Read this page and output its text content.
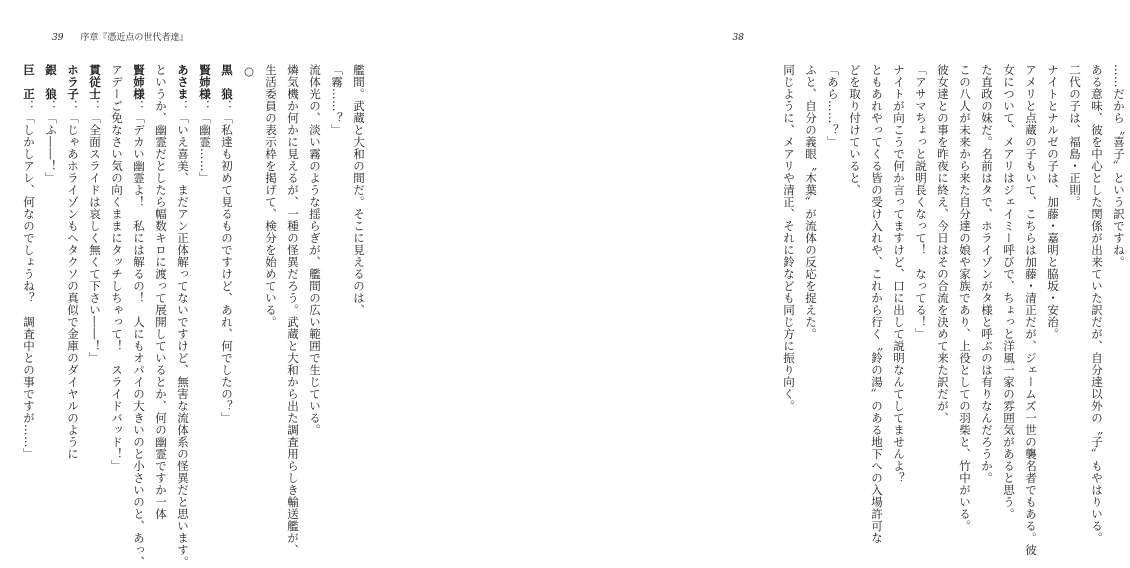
39 序章『憑近点の世代者達』
艦間。武蔵と大和の間だ。そこに見えるのは、
「霧……？」
流体光の、淡い霧のような揺らぎが、艦間の広い範囲で生じている。
燐気機か何かに見えるが、一種の怪異だろう。武蔵と大和から出た調査用らしき輸送艦が、
生活委員の表示枠を掲げて、検分を始めている。
○
黒　狼：「私達も初めて見るものですけど、あれ、何でしたの？」
賢姉様：「幽霊……」
あさま：「いえ喜美、まだアン正体解ってないですけど、無害な流体系の怪異だと思います。
というか、幽霊だとしたら幅数キロに渡って展開しているとか、何の幽霊ですか一体
賢姉様：「デカい幽霊よ！　私には解るの！　人にもオパイの大きいのと小さいのと、あっ、
アデーご免なさい気の向くままにタッチしちゃって！　スライドバッド！」
貫従士：「全面スライドは哀しく無くて下さい――！」
ホラ子：「じゃあホライゾンもヘタクソの真似で金庫のダイヤルのように
銀　狼：「ふ――！」
巨　正：「しかしアレ、何なのでしょうね？　調査中との事ですが……」
38
……だから〝喜子〟という訳ですね。
ある意味、彼を中心とした関係が出来ていた訳だが、自分達以外の〝子〟もやはりいる。
二代の子は、福島・正則。
ナイトとナルゼの子は、加藤・嘉明と脇坂・安治。
アメリと点蔵の子もいて、こちらは加藤・清正だが、ジェームズ一世の襲名者でもある。彼
女について、メアリはジェイミー呼びで、ちょっと洋風一家の雰囲気があると思う。
た直政の妹だ。名前はタで、ホライゾンがタ様と呼ぶのは有りなんだろうか。
この八人が未来から来た自分達の娘や家族であり、上役としての羽柴と、竹中がいる。
彼女達との事を昨夜に終え、今日はその合流を決めて来た訳だが、
「アサマちょっと説明長くなって！　なってる！」
ナイトが向こうで何か言ってますけど、口に出して説明なんてしてませんよ？
ともあれやってくる皆の受け入れや、これから行く〝鈴の湯〟のある地下への入場許可な
どを取り付けていると、
「あら……？」
ふと、自分の義眼〝木葉〟が流体の反応を捉えた。
同じように、メアリや清正、それに鈴なども同じ方に振り向く。
